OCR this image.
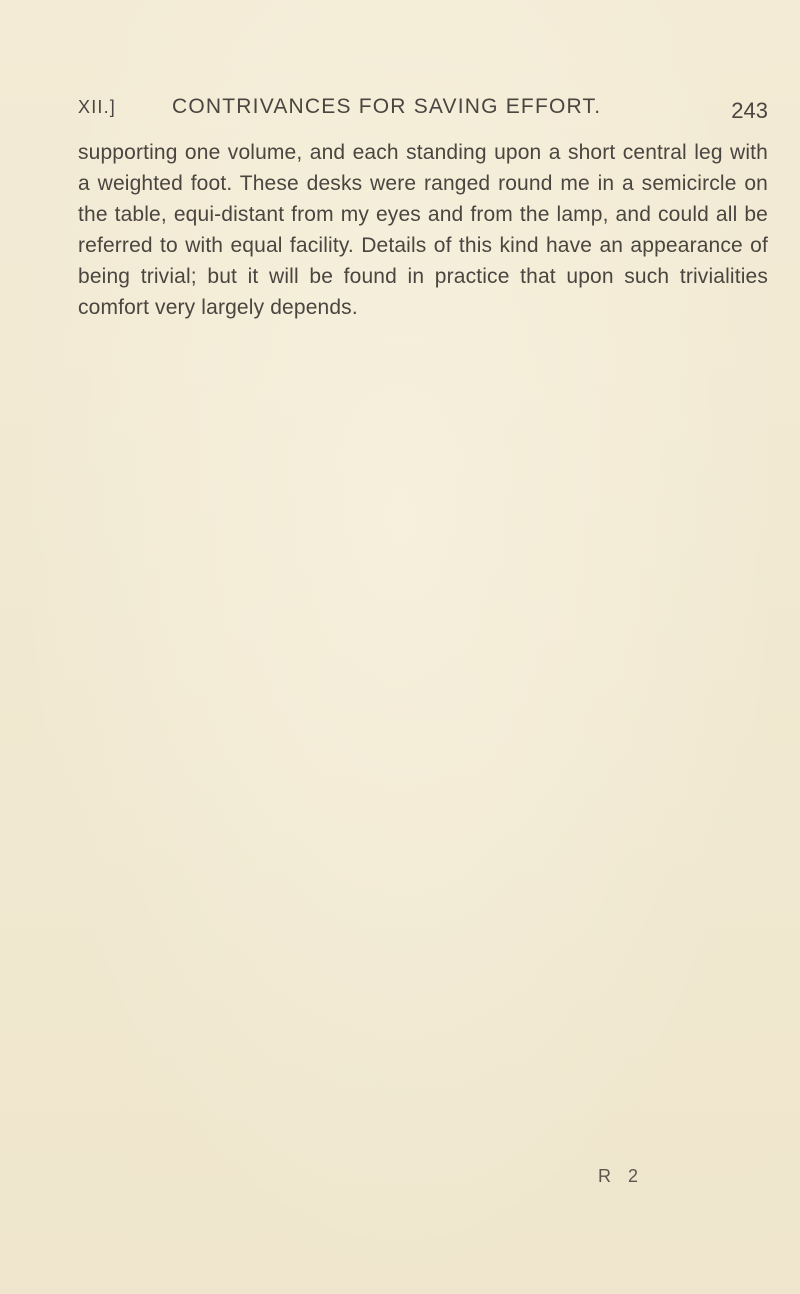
XII.]	CONTRIVANCES FOR SAVING EFFORT.	243

supporting one volume, and each standing upon a short central leg with a weighted foot. These desks were ranged round me in a semicircle on the table, equi-distant from my eyes and from the lamp, and could all be referred to with equal facility. Details of this kind have an appearance of being trivial; but it will be found in practice that upon such trivialities comfort very largely depends.

R 2
